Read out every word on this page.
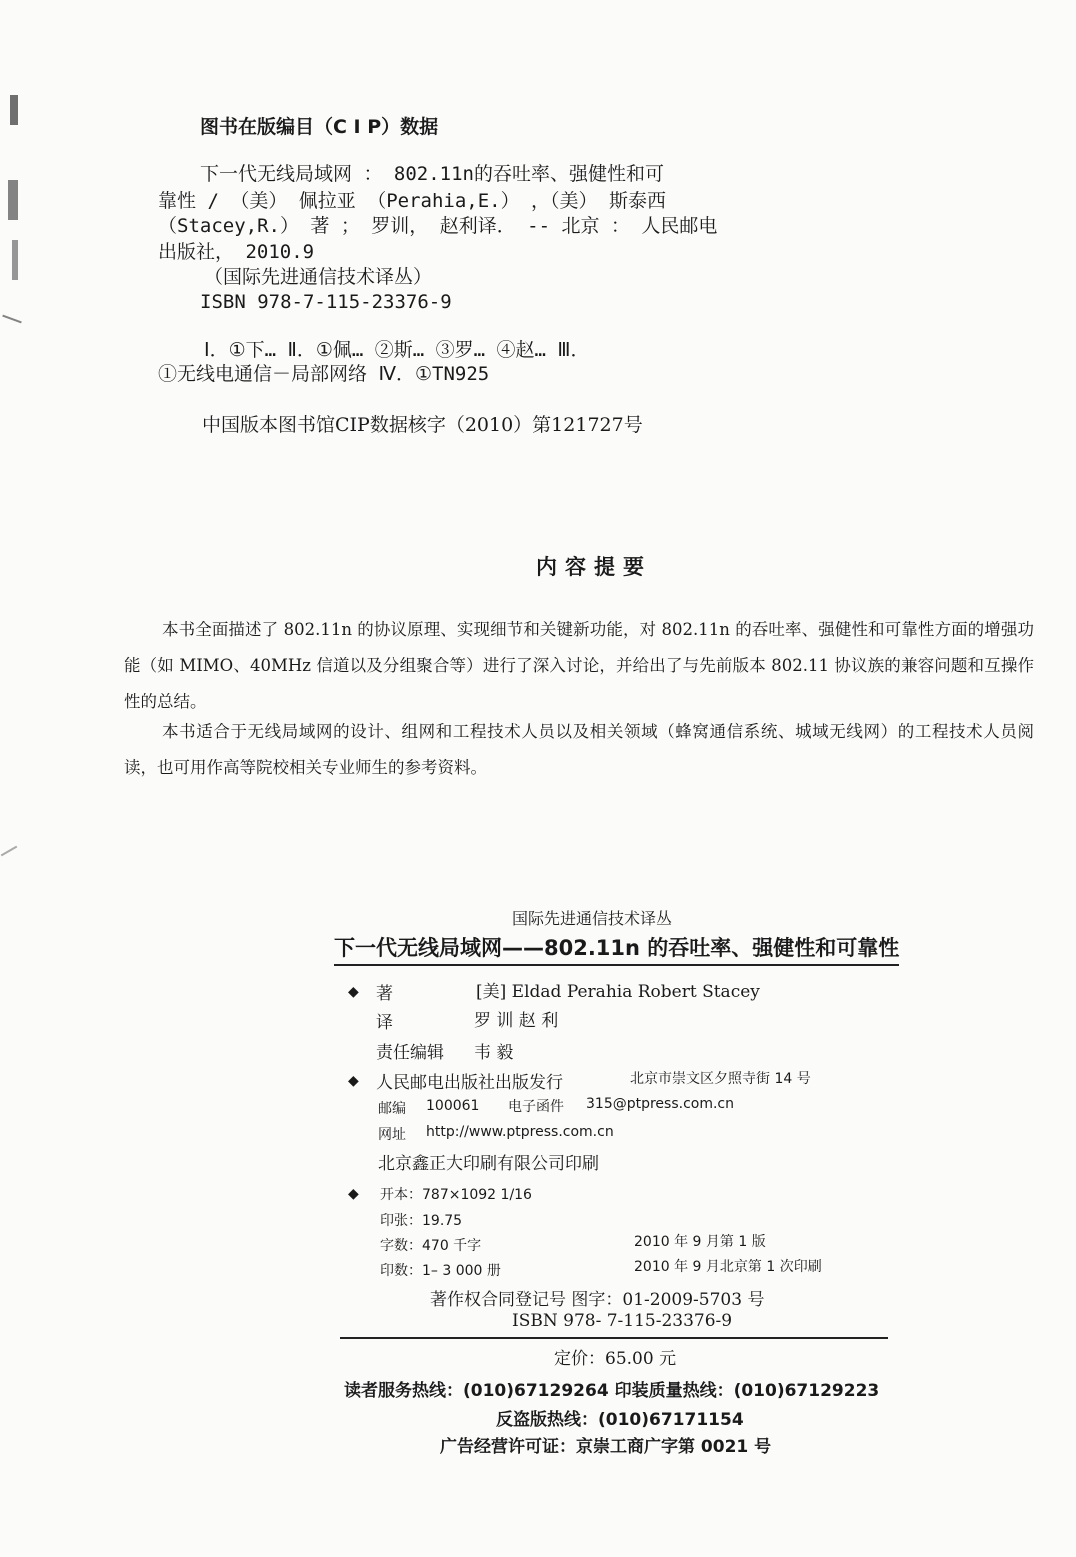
图书在版编目（C I P）数据
下一代无线局域网 ： 802.11n的吞吐率、强健性和可
靠性 / （美） 佩拉亚 （Perahia,E.） ，（美） 斯泰西
（Stacey,R.） 著 ； 罗训， 赵利译． -- 北京 ： 人民邮电
出版社， 2010.9
（国际先进通信技术译丛）
ISBN 978-7-115-23376-9
Ⅰ．①下… Ⅱ．①佩… ②斯… ③罗… ④赵… Ⅲ．
①无线电通信－局部网络 Ⅳ．①TN925
中国版本图书馆CIP数据核字（2010）第121727号
内容提要
本书全面描述了 802.11n 的协议原理、实现细节和关键新功能，对 802.11n 的吞吐率、强健性和可靠性方面的增强功能（如 MIMO、40MHz 信道以及分组聚合等）进行了深入讨论，并给出了与先前版本 802.11 协议族的兼容问题和互操作性的总结。
本书适合于无线局域网的设计、组网和工程技术人员以及相关领域（蜂窝通信系统、城域无线网）的工程技术人员阅读，也可用作高等院校相关专业师生的参考资料。
国际先进通信技术译丛
下一代无线局域网——802.11n 的吞吐率、强健性和可靠性
◆ 著	[美] Eldad Perahia Robert Stacey
译	罗 训 赵 利
责任编辑 韦 毅
◆ 人民邮电出版社出版发行	北京市崇文区夕照寺街 14 号
邮编 100061 电子函件 315@ptpress.com.cn
网址 http://www.ptpress.com.cn
北京鑫正大印刷有限公司印刷
◆ 开本：787×1092 1/16
印张：19.75
字数：470 千字	2010 年 9 月第 1 版
印数：1– 3 000 册	2010 年 9 月北京第 1 次印刷
著作权合同登记号 图字：01-2009-5703 号
ISBN 978- 7-115-23376-9
定价：65.00 元
读者服务热线：(010)67129264 印装质量热线：(010)67129223
反盗版热线：(010)67171154
广告经营许可证：京崇工商广字第 0021 号
